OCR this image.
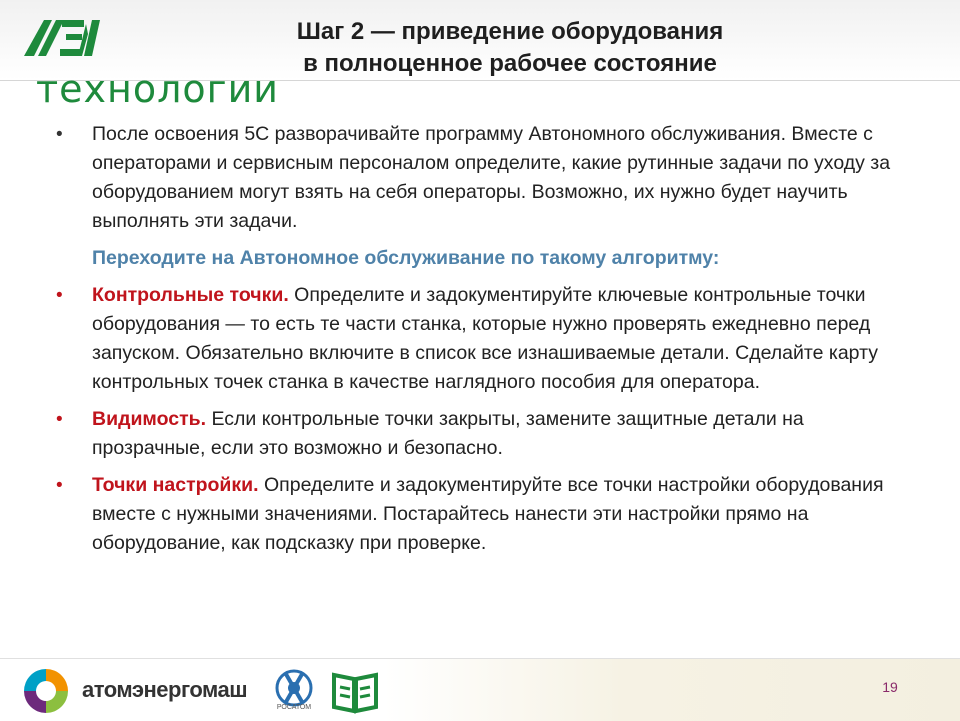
технологии
Шаг 2 — приведение оборудования
в полноценное рабочее состояние
• После освоения 5С разворачивайте программу Автономного обслуживания. Вместе с операторами и сервисным персоналом определите, какие рутинные задачи по уходу за оборудованием могут взять на себя операторы. Возможно, их нужно будет научить выполнять эти задачи.
Переходите на Автономное обслуживание по такому алгоритму:
• Контрольные точки. Определите и задокументируйте ключевые контрольные точки оборудования — то есть те части станка, которые нужно проверять ежедневно перед запуском. Обязательно включите в список все изнашиваемые детали. Сделайте карту контрольных точек станка в качестве наглядного пособия для оператора.
• Видимость. Если контрольные точки закрыты, замените защитные детали на прозрачные, если это возможно и безопасно.
• Точки настройки. Определите и задокументируйте все точки настройки оборудования вместе с нужными значениями. Постарайтесь нанести эти настройки прямо на оборудование, как подсказку при проверке.
атомэнергомаш
РОСАТОМ
19
